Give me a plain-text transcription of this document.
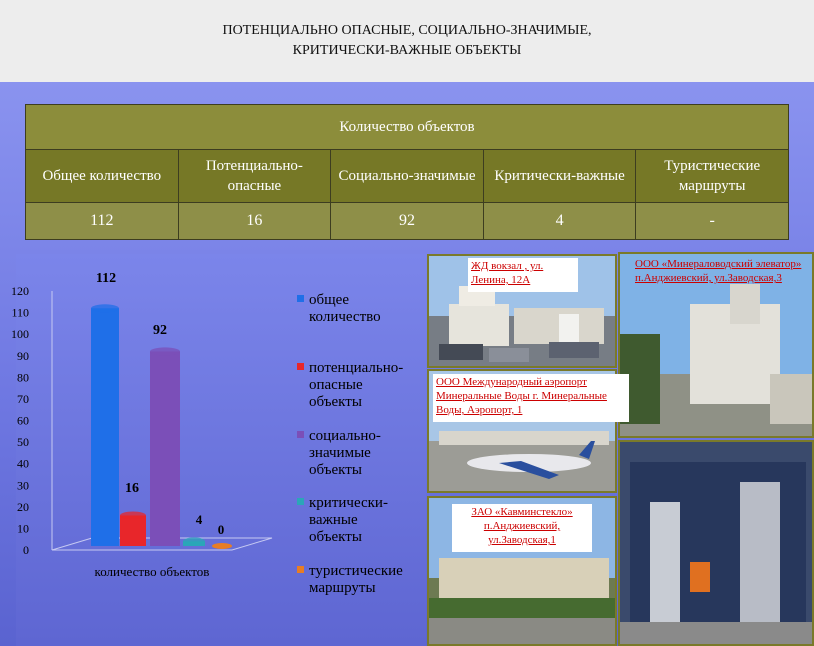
ПОТЕНЦИАЛЬНО ОПАСНЫЕ, СОЦИАЛЬНО-ЗНАЧИМЫЕ,
КРИТИЧЕСКИ-ВАЖНЫЕ ОБЪЕКТЫ
Количество объектов				
Общее количество	Потенциально-опасные	Социально-значимые	Критически-важные	Туристические маршруты
112	16	92	4	-
0
10
20
30
40
50
60
70
80
90
100
110
120
112
16
92
4
0
количество объектов
общее количество
потенциально-опасные объекты
социально-значимые объекты
критически-важные объекты
туристические маршруты
ЖД вокзал , ул. Ленина, 12А
ООО «Минераловодский элеватор» п.Анджиевский, ул.Заводская,3
ООО Международный аэропорт Минеральные Воды г. Минеральные Воды, Аэропорт, 1
ЗАО «Кавминстекло» п.Анджиевский, ул.Заводская,1
